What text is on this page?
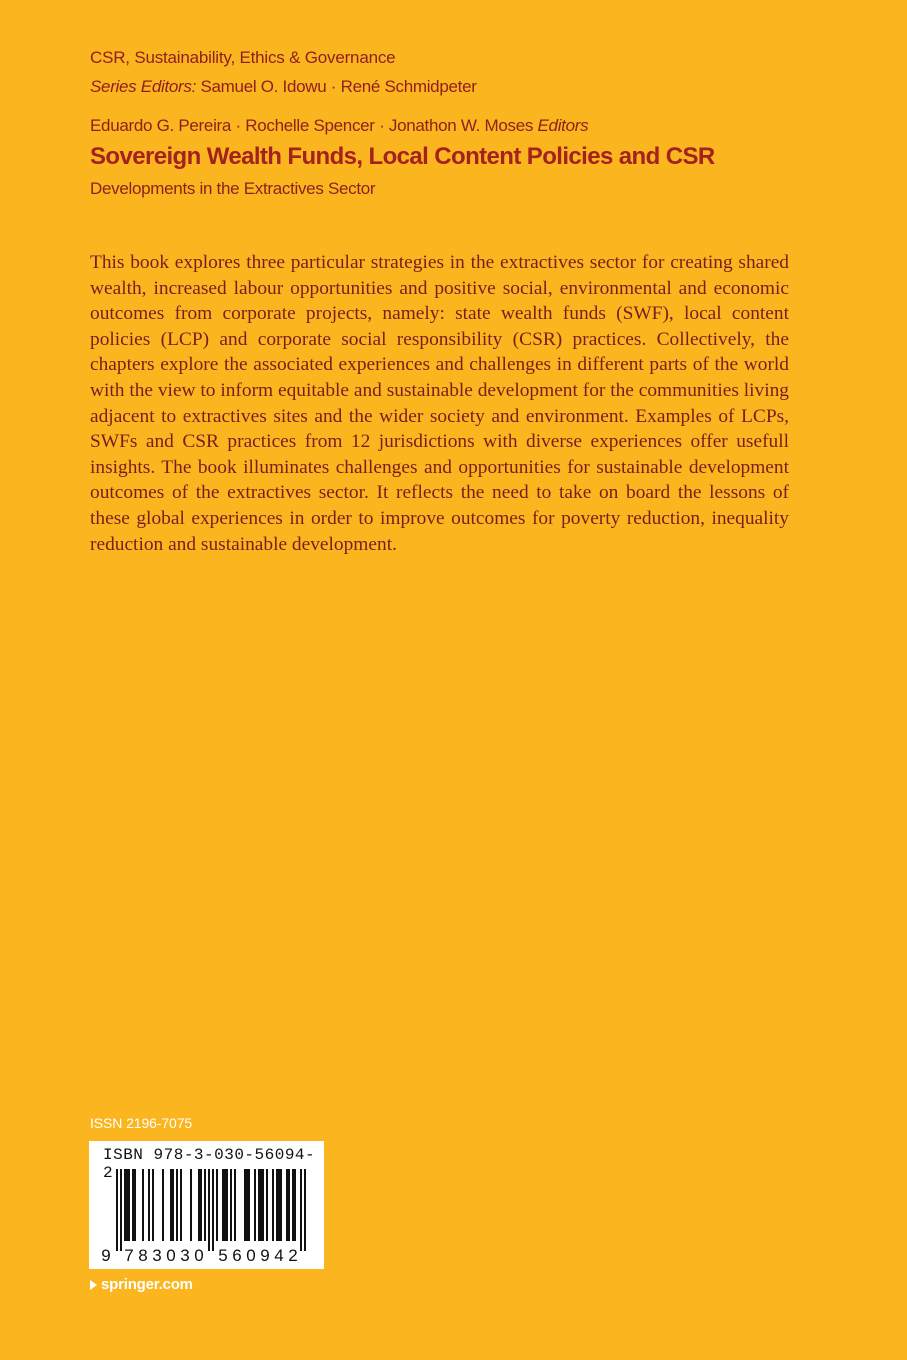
CSR, Sustainability, Ethics & Governance
Series Editors: Samuel O. Idowu · René Schmidpeter
Eduardo G. Pereira · Rochelle Spencer · Jonathon W. Moses Editors
Sovereign Wealth Funds, Local Content Policies and CSR
Developments in the Extractives Sector
This book explores three particular strategies in the extractives sector for creating shared wealth, increased labour opportunities and positive social, environmental and economic outcomes from corporate projects, namely: state wealth funds (SWF), local content policies (LCP) and corporate social responsibility (CSR) practices. Collectively, the chapters explore the associated experiences and challenges in different parts of the world with the view to inform equitable and sustainable development for the communities living adjacent to extractives sites and the wider society and environment. Examples of LCPs, SWFs and CSR practices from 12 jurisdictions with diverse experiences offer usefull insights. The book illuminates challenges and opportunities for sustainable development outcomes of the extractives sector. It reflects the need to take on board the lessons of these global experiences in order to improve outcomes for poverty reduction, inequality reduction and sustainable development.
ISSN 2196-7075
ISBN 978-3-030-56094-2
9 7 8 3 0 3 0 5 6 0 9 4 2
springer.com
